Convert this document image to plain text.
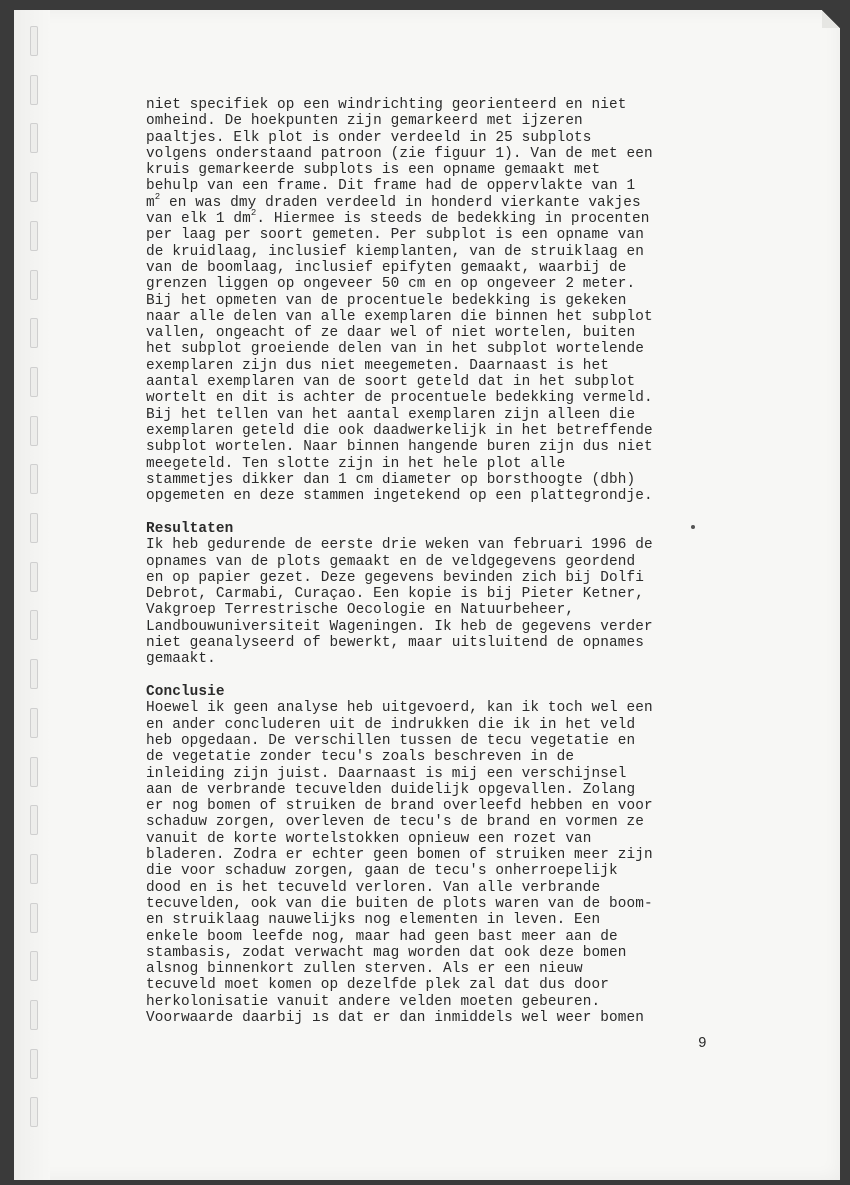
niet specifiek op een windrichting georienteerd en niet
omheind. De hoekpunten zijn gemarkeerd met ijzeren
paaltjes. Elk plot is onder verdeeld in 25 subplots
volgens onderstaand patroon (zie figuur 1). Van de met een
kruis gemarkeerde subplots is een opname gemaakt met
behulp van een frame. Dit frame had de oppervlakte van 1
$m^2$ en was dmy draden verdeeld in honderd vierkante vakjes
van elk 1 $dm^2$. Hiermee is steeds de bedekking in procenten
per laag per soort gemeten. Per subplot is een opname van
de kruidlaag, inclusief kiemplanten, van de struiklaag en
van de boomlaag, inclusief epifyten gemaakt, waarbij de
grenzen liggen op ongeveer 50 cm en op ongeveer 2 meter.
Bij het opmeten van de procentuele bedekking is gekeken
naar alle delen van alle exemplaren die binnen het subplot
vallen, ongeacht of ze daar wel of niet wortelen, buiten
het subplot groeiende delen van in het subplot wortelende
exemplaren zijn dus niet meegemeten. Daarnaast is het
aantal exemplaren van de soort geteld dat in het subplot
wortelt en dit is achter de procentuele bedekking vermeld.
Bij het tellen van het aantal exemplaren zijn alleen die
exemplaren geteld die ook daadwerkelijk in het betreffende
subplot wortelen. Naar binnen hangende buren zijn dus niet
meegeteld. Ten slotte zijn in het hele plot alle
stammetjes dikker dan 1 cm diameter op borsthoogte (dbh)
opgemeten en deze stammen ingetekend op een plattegrondje.
Resultaten
Ik heb gedurende de eerste drie weken van februari 1996 de
opnames van de plots gemaakt en de veldgegevens geordend
en op papier gezet. Deze gegevens bevinden zich bij Dolfi
Debrot, Carmabi, Curaçao. Een kopie is bij Pieter Ketner,
Vakgroep Terrestrische Oecologie en Natuurbeheer,
Landbouwuniversiteit Wageningen. Ik heb de gegevens verder
niet geanalyseerd of bewerkt, maar uitsluitend de opnames
gemaakt.
Conclusie
Hoewel ik geen analyse heb uitgevoerd, kan ik toch wel een
en ander concluderen uit de indrukken die ik in het veld
heb opgedaan. De verschillen tussen de tecu vegetatie en
de vegetatie zonder tecu's zoals beschreven in de
inleiding zijn juist. Daarnaast is mij een verschijnsel
aan de verbrande tecuvelden duidelijk opgevallen. Zolang
er nog bomen of struiken de brand overleefd hebben en voor
schaduw zorgen, overleven de tecu's de brand en vormen ze
vanuit de korte wortelstokken opnieuw een rozet van
bladeren. Zodra er echter geen bomen of struiken meer zijn
die voor schaduw zorgen, gaan de tecu's onherroepelijk
dood en is het tecuveld verloren. Van alle verbrande
tecuvelden, ook van die buiten de plots waren van de boom-
en struiklaag nauwelijks nog elementen in leven. Een
enkele boom leefde nog, maar had geen bast meer aan de
stambasis, zodat verwacht mag worden dat ook deze bomen
alsnog binnenkort zullen sterven. Als er een nieuw
tecuveld moet komen op dezelfde plek zal dat dus door
herkolonisatie vanuit andere velden moeten gebeuren.
Voorwaarde daarbij ıs dat er dan inmiddels wel weer bomen
9
